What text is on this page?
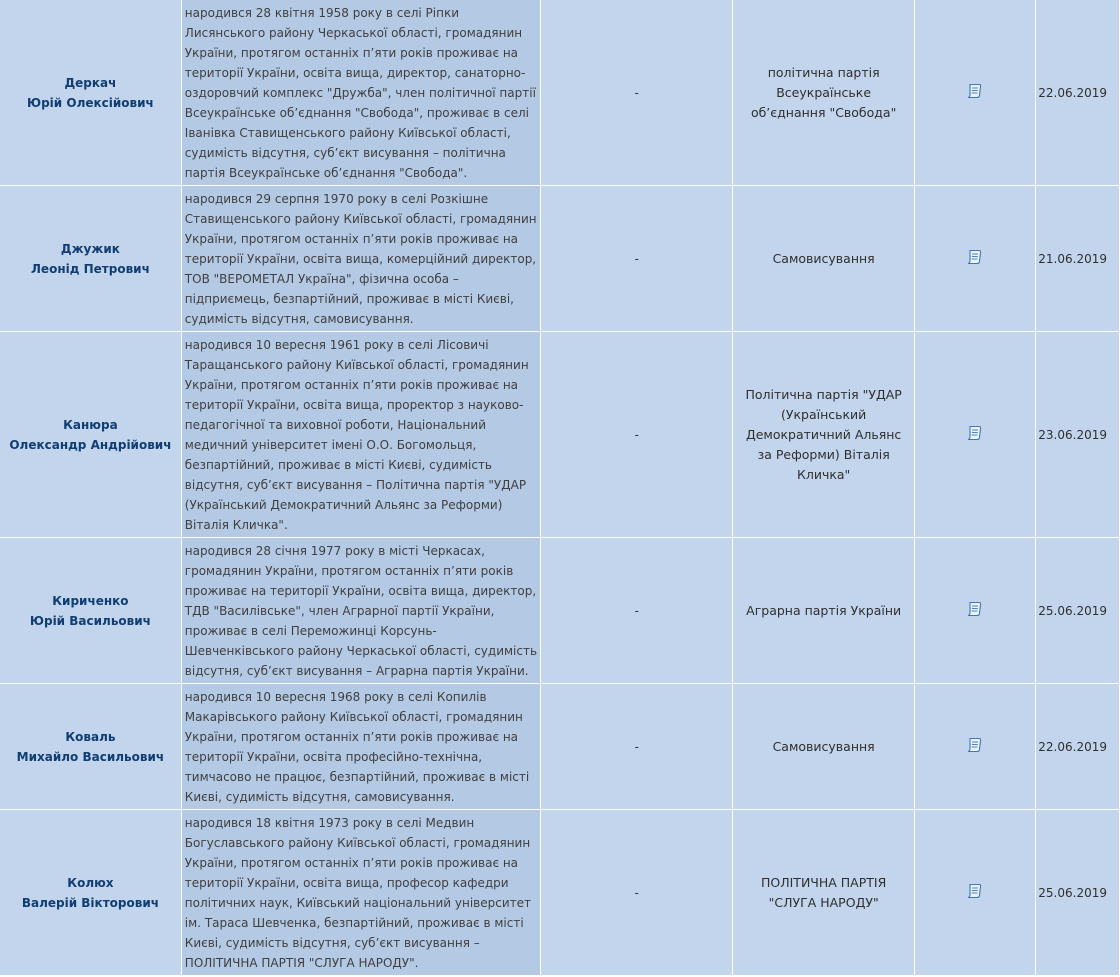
Деркач
Юрій Олексійович	народився 28 квітня 1958 року в селі Ріпки Лисянського району Черкаської області, громадянин України, протягом останніх п’яти років проживає на території України, освіта вища, директор, санаторно-оздоровчий комплекс "Дружба", член політичної партії Всеукраїнське об’єднання "Свобода", проживає в селі Іванівка Ставищенського району Київської області, судимість відсутня, суб’єкт висування – політична партія Всеукраїнське об’єднання "Свобода".	-	політична партія Всеукраїнське об’єднання "Свобода"		22.06.2019

Джужик
Леонід Петрович	народився 29 серпня 1970 року в селі Розкішне Ставищенського району Київської області, громадянин України, протягом останніх п’яти років проживає на території України, освіта вища, комерційний директор, ТОВ "ВЕРОМЕТАЛ Україна", фізична особа – підприємець, безпартійний, проживає в місті Києві, судимість відсутня, самовисування.	-	Самовисування		21.06.2019

Канюра
Олександр Андрійович	народився 10 вересня 1961 року в селі Лісовичі Таращанського району Київської області, громадянин України, протягом останніх п’яти років проживає на території України, освіта вища, проректор з науково-педагогічної та виховної роботи, Національний медичний університет імені О.О. Богомольця, безпартійний, проживає в місті Києві, судимість відсутня, суб’єкт висування – Політична партія "УДАР (Український Демократичний Альянс за Реформи) Віталія Кличка".	-	Політична партія "УДАР (Український Демократичний Альянс за Реформи) Віталія Кличка"		23.06.2019

Кириченко
Юрій Васильович	народився 28 січня 1977 року в місті Черкасах, громадянин України, протягом останніх п’яти років проживає на території України, освіта вища, директор, ТДВ "Василівське", член Аграрної партії України, проживає в селі Переможинці Корсунь-Шевченківського району Черкаської області, судимість відсутня, суб’єкт висування – Аграрна партія України.	-	Аграрна партія України		25.06.2019

Коваль
Михайло Васильович	народився 10 вересня 1968 року в селі Копилів Макарівського району Київської області, громадянин України, протягом останніх п’яти років проживає на території України, освіта професійно-технічна, тимчасово не працює, безпартійний, проживає в місті Києві, судимість відсутня, самовисування.	-	Самовисування		22.06.2019

Колюх
Валерій Вікторович	народився 18 квітня 1973 року в селі Медвин Богуславського району Київської області, громадянин України, протягом останніх п’яти років проживає на території України, освіта вища, професор кафедри політичних наук, Київський національний університет ім. Тараса Шевченка, безпартійний, проживає в місті Києві, судимість відсутня, суб’єкт висування – ПОЛІТИЧНА ПАРТІЯ "СЛУГА НАРОДУ".	-	ПОЛІТИЧНА ПАРТІЯ "СЛУГА НАРОДУ"		25.06.2019
